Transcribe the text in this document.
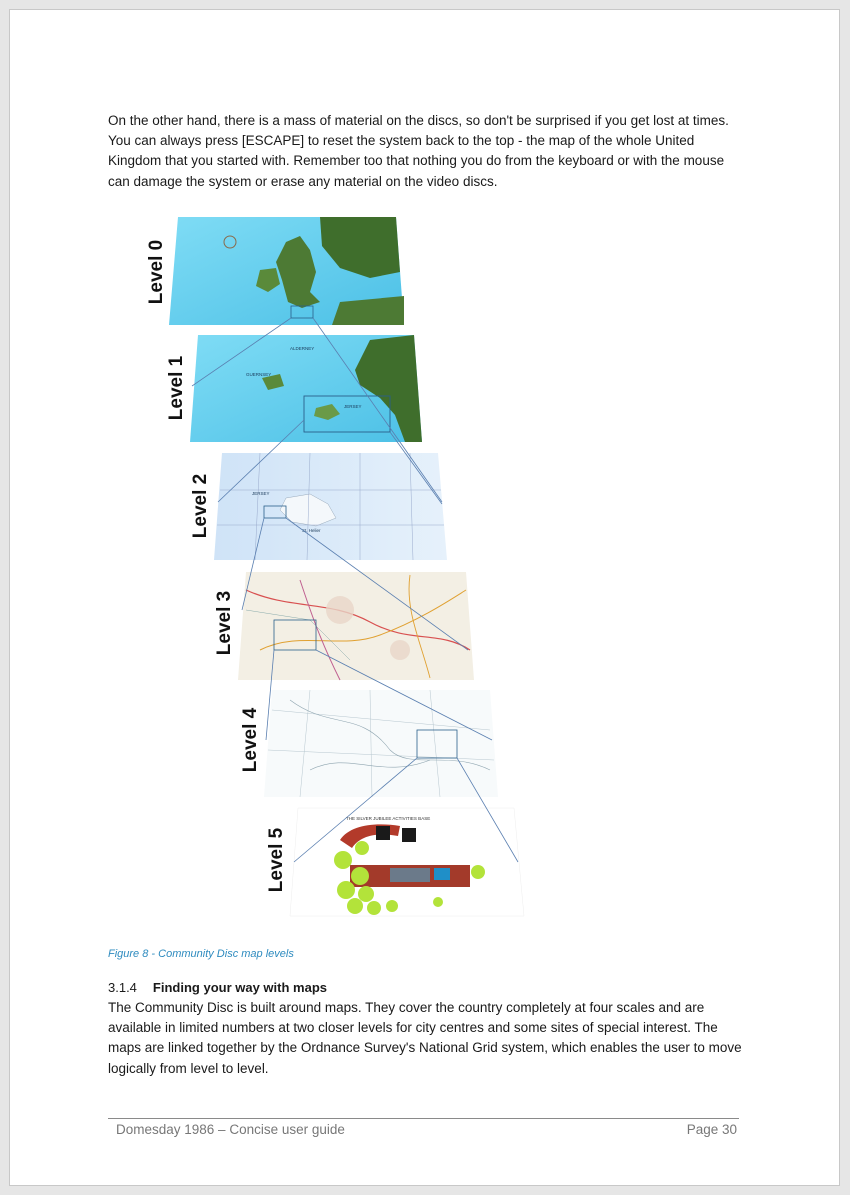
On the other hand, there is a mass of material on the discs, so don't be surprised if you get lost at times. You can always press [ESCAPE] to reset the system back to the top - the map of the whole United Kingdom that you started with. Remember too that nothing you do from the keyboard or with the mouse can damage the system or erase any material on the video discs.

ALDERNEY
GUERNSEY
JERSEY
JERSEY
St. Helier
THE SILVER JUBILEE ACTIVITIES BASE
Level 0
Level 1
Level 2
Level 3
Level 4
Level 5
Figure 8 - Community Disc map levels
3.1.4 Finding your way with maps

The Community Disc is built around maps. They cover the country completely at four scales and are available in limited numbers at two closer levels for city centres and some sites of special interest. The maps are linked together by the Ordnance Survey's National Grid system, which enables the user to move logically from level to level.

Domesday 1986 – Concise user guide	Page 30
